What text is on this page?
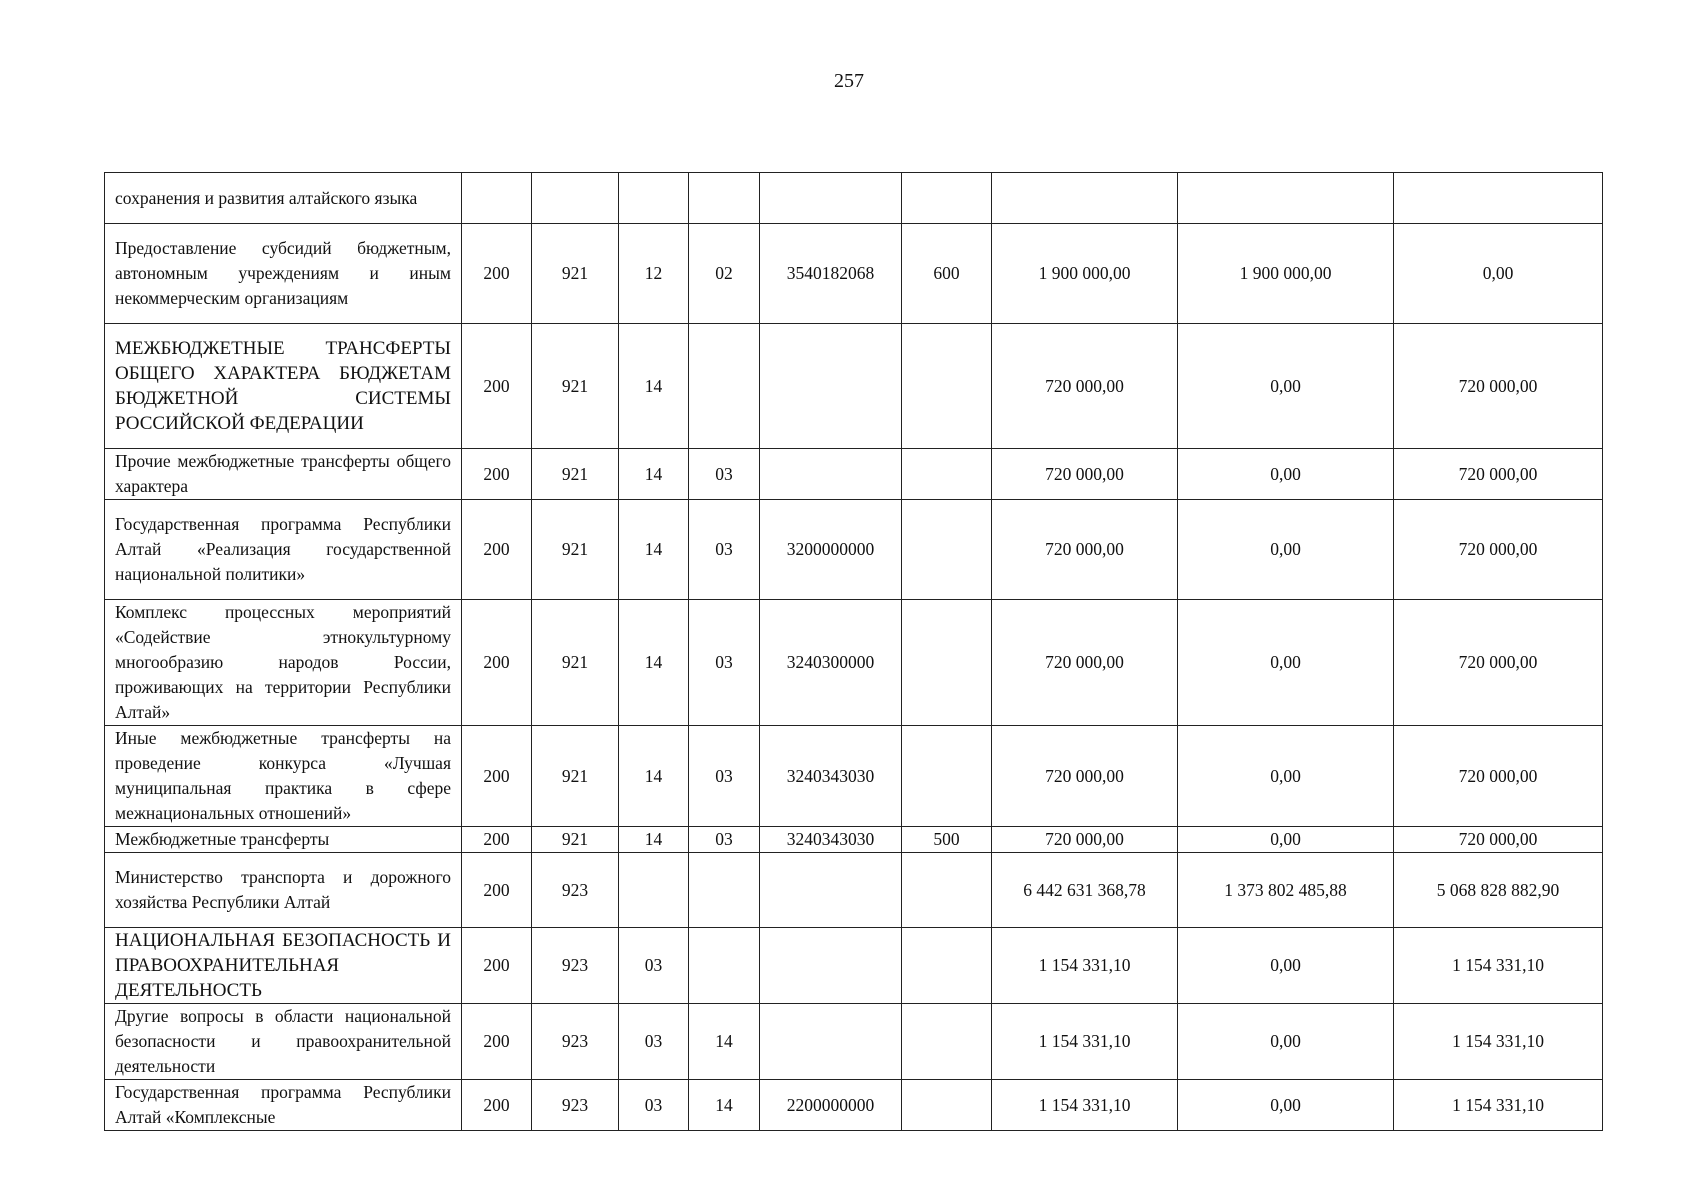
257
сохранения и развития алтайского языка									
Предоставление субсидий бюджетным, автономным учреждениям и иным некоммерческим организациям	200	921	12	02	3540182068	600	1 900 000,00	1 900 000,00	0,00
МЕЖБЮДЖЕТНЫЕ ТРАНСФЕРТЫ ОБЩЕГО ХАРАКТЕРА БЮДЖЕТАМ БЮДЖЕТНОЙ СИСТЕМЫ РОССИЙСКОЙ ФЕДЕРАЦИИ	200	921	14				720 000,00	0,00	720 000,00
Прочие межбюджетные трансферты общего характера	200	921	14	03			720 000,00	0,00	720 000,00
Государственная программа Республики Алтай «Реализация государственной национальной политики»	200	921	14	03	3200000000		720 000,00	0,00	720 000,00
Комплекс процессных мероприятий «Содействие этнокультурному многообразию народов России, проживающих на территории Республики Алтай»	200	921	14	03	3240300000		720 000,00	0,00	720 000,00
Иные межбюджетные трансферты на проведение конкурса «Лучшая муниципальная практика в сфере межнациональных отношений»	200	921	14	03	3240343030		720 000,00	0,00	720 000,00
Межбюджетные трансферты	200	921	14	03	3240343030	500	720 000,00	0,00	720 000,00
Министерство транспорта и дорожного хозяйства Республики Алтай	200	923					6 442 631 368,78	1 373 802 485,88	5 068 828 882,90
НАЦИОНАЛЬНАЯ БЕЗОПАСНОСТЬ И ПРАВООХРАНИТЕЛЬНАЯ ДЕЯТЕЛЬНОСТЬ	200	923	03				1 154 331,10	0,00	1 154 331,10
Другие вопросы в области национальной безопасности и правоохранительной деятельности	200	923	03	14			1 154 331,10	0,00	1 154 331,10
Государственная программа Республики Алтай «Комплексные	200	923	03	14	2200000000		1 154 331,10	0,00	1 154 331,10
